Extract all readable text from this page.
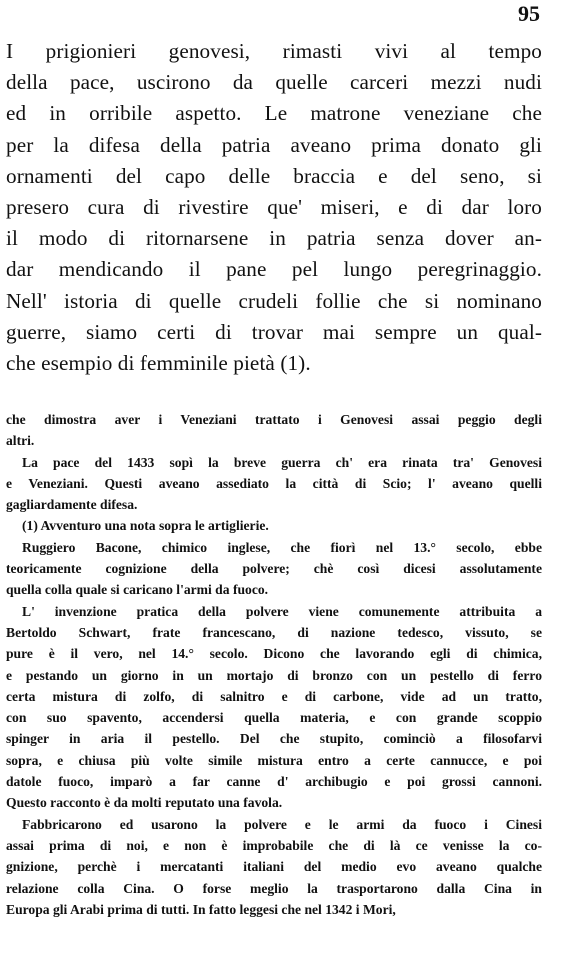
95
I prigionieri genovesi, rimasti vivi al tempo
della pace, uscirono da quelle carceri mezzi nudi
ed in orribile aspetto. Le matrone veneziane che
per la difesa della patria aveano prima donato gli
ornamenti del capo delle braccia e del seno, si
presero cura di rivestire que' miseri, e di dar loro
il modo di ritornarsene in patria senza dover an-
dar mendicando il pane pel lungo peregrinaggio.
Nell' istoria di quelle crudeli follie che si nominano
guerre, siamo certi di trovar mai sempre un qual-
che esempio di femminile pietà (1).
che dimostra aver i Veneziani trattato i Genovesi assai peggio degli
altri.
La pace del 1433 sopì la breve guerra ch' era rinata tra' Genovesi
e Veneziani. Questi aveano assediato la città di Scio; l' aveano quelli
gagliardamente difesa.
(1) Avventuro una nota sopra le artiglierie.
Ruggiero Bacone, chimico inglese, che fiorì nel 13.° secolo, ebbe
teoricamente cognizione della polvere; chè così dicesi assolutamente
quella colla quale si caricano l'armi da fuoco.
L' invenzione pratica della polvere viene comunemente attribuita a
Bertoldo Schwart, frate francescano, di nazione tedesco, vissuto, se
pure è il vero, nel 14.° secolo. Dicono che lavorando egli di chimica,
e pestando un giorno in un mortajo di bronzo con un pestello di ferro
certa mistura di zolfo, di salnitro e di carbone, vide ad un tratto,
con suo spavento, accendersi quella materia, e con grande scoppio
spinger in aria il pestello. Del che stupito, cominciò a filosofarvi
sopra, e chiusa più volte simile mistura entro a certe cannucce, e poi
datole fuoco, imparò a far canne d' archibugio e poi grossi cannoni.
Questo racconto è da molti reputato una favola.
Fabbricarono ed usarono la polvere e le armi da fuoco i Cinesi
assai prima di noi, e non è improbabile che di là ce venisse la co-
gnizione, perchè i mercatanti italiani del medio evo aveano qualche
relazione colla Cina. O forse meglio la trasportarono dalla Cina in
Europa gli Arabi prima di tutti. In fatto leggesi che nel 1342 i Mori,
